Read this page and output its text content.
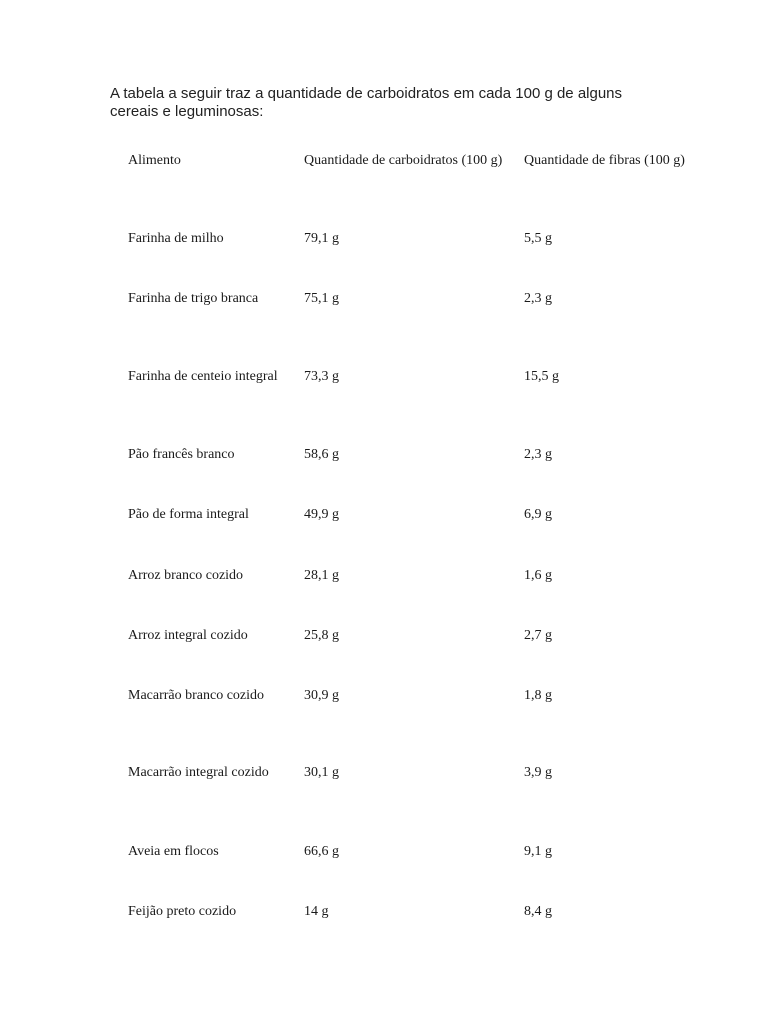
A tabela a seguir traz a quantidade de carboidratos em cada 100 g de alguns cereais e leguminosas:

Alimento	Quantidade de carboidratos (100 g) Quantidade de fibras (100 g)
Farinha de milho	79,1 g	5,5 g
Farinha de trigo branca	75,1 g	2,3 g
Farinha de centeio integral 73,3 g	15,5 g
Pão francês branco	58,6 g	2,3 g
Pão de forma integral	49,9 g	6,9 g
Arroz branco cozido	28,1 g	1,6 g
Arroz integral cozido	25,8 g	2,7 g
Macarrão branco cozido	30,9 g	1,8 g
Macarrão integral cozido	30,1 g	3,9 g
Aveia em flocos	66,6 g	9,1 g
Feijão preto cozido	14 g	8,4 g
